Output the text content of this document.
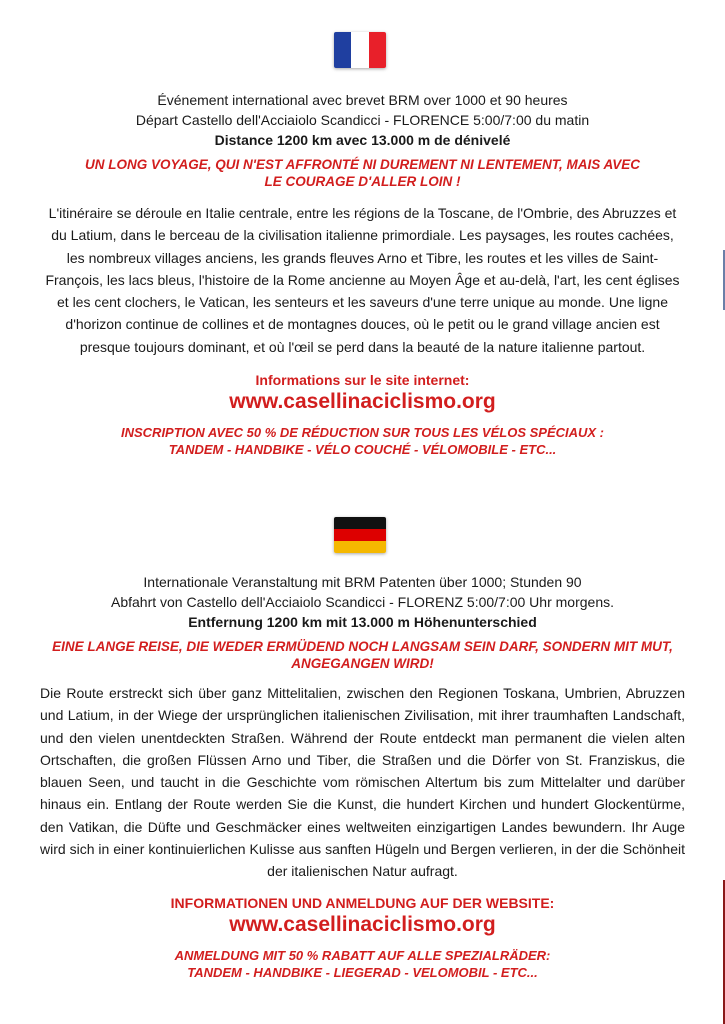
Événement international avec brevet BRM over 1000 et 90 heures
Départ Castello dell'Acciaiolo Scandicci - FLORENCE 5:00/7:00 du matin
Distance 1200 km avec 13.000 m de dénivelé
UN LONG VOYAGE, QUI N'EST AFFRONTÉ NI DUREMENT NI LENTEMENT, MAIS AVEC LE COURAGE D'ALLER LOIN !
L'itinéraire se déroule en Italie centrale, entre les régions de la Toscane, de l'Ombrie, des Abruzzes et du Latium, dans le berceau de la civilisation italienne primordiale. Les paysages, les routes cachées, les nombreux villages anciens, les grands fleuves Arno et Tibre, les routes et les villes de Saint-François, les lacs bleus, l'histoire de la Rome ancienne au Moyen Âge et au-delà, l'art, les cent églises et les cent clochers, le Vatican, les senteurs et les saveurs d'une terre unique au monde. Une ligne d'horizon continue de collines et de montagnes douces, où le petit ou le grand village ancien est presque toujours dominant, et où l'œil se perd dans la beauté de la nature italienne partout.
Informations sur le site internet:
www.casellinaciclismo.org
INSCRIPTION AVEC 50 % DE RÉDUCTION SUR TOUS LES VÉLOS SPÉCIAUX :
TANDEM - HANDBIKE - VÉLO COUCHÉ - VÉLOMOBILE - ETC...
Internationale Veranstaltung mit BRM Patenten über 1000; Stunden 90
Abfahrt von Castello dell'Acciaiolo Scandicci - FLORENZ 5:00/7:00 Uhr morgens.
Entfernung 1200 km mit 13.000 m Höhenunterschied
EINE LANGE REISE, DIE WEDER ERMÜDEND NOCH LANGSAM SEIN DARF, SONDERN MIT MUT, ANGEGANGEN WIRD!
Die Route erstreckt sich über ganz Mittelitalien, zwischen den Regionen Toskana, Umbrien, Abruzzen und Latium, in der Wiege der ursprünglichen italienischen Zivilisation, mit ihrer traumhaften Landschaft, und den vielen unentdeckten Straßen. Während der Route entdeckt man permanent die vielen alten Ortschaften, die großen Flüssen Arno und Tiber, die Straßen und die Dörfer von St. Franziskus, die blauen Seen, und taucht in die Geschichte vom römischen Altertum bis zum Mittelalter und darüber hinaus ein. Entlang der Route werden Sie die Kunst, die hundert Kirchen und hundert Glockentürme, den Vatikan, die Düfte und Geschmäcker eines weltweiten einzigartigen Landes bewundern. Ihr Auge wird sich in einer kontinuierlichen Kulisse aus sanften Hügeln und Bergen verlieren, in der die Schönheit der italienischen Natur aufragt.
INFORMATIONEN UND ANMELDUNG AUF DER WEBSITE:
www.casellinaciclismo.org
ANMELDUNG MIT 50 % RABATT AUF ALLE SPEZIALRÄDER:
TANDEM - HANDBIKE - LIEGERAD - VELOMOBIL - ETC...
